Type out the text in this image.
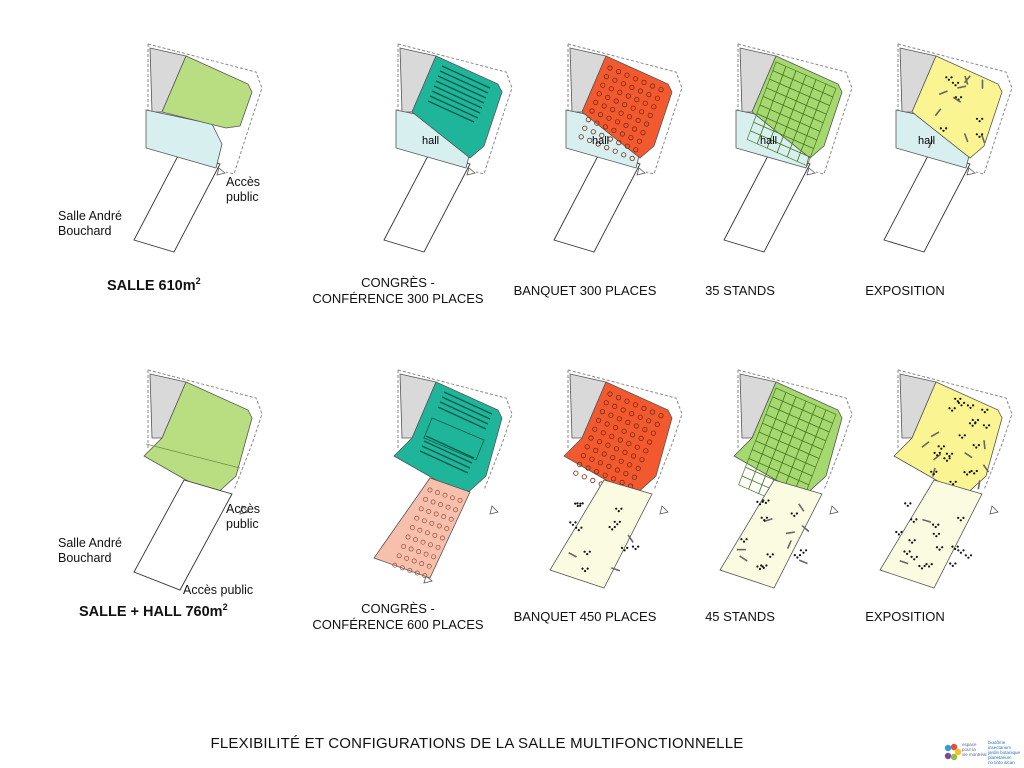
hall	hall	hall	hall
Accès
public
Salle André
Bouchard
SALLE $610m^2$	CONGRÈS -
CONFÉRENCE 300 PLACES
BANQUET 300 PLACES	35 STANDS	EXPOSITION
Accès
public
Salle André
Bouchard
Accès public
SALLE + HALL $760m^2$	CONGRÈS -
CONFÉRENCE 600 PLACES
BANQUET 450 PLACES	45 STANDS	EXPOSITION
FLEXIBILITÉ ET CONFIGURATIONS DE LA SALLE MULTIFONCTIONNELLE	espace
pour la
vie montréal
biodôme
insectarium
jardin botanique
planétarium
rio tinto alcan
